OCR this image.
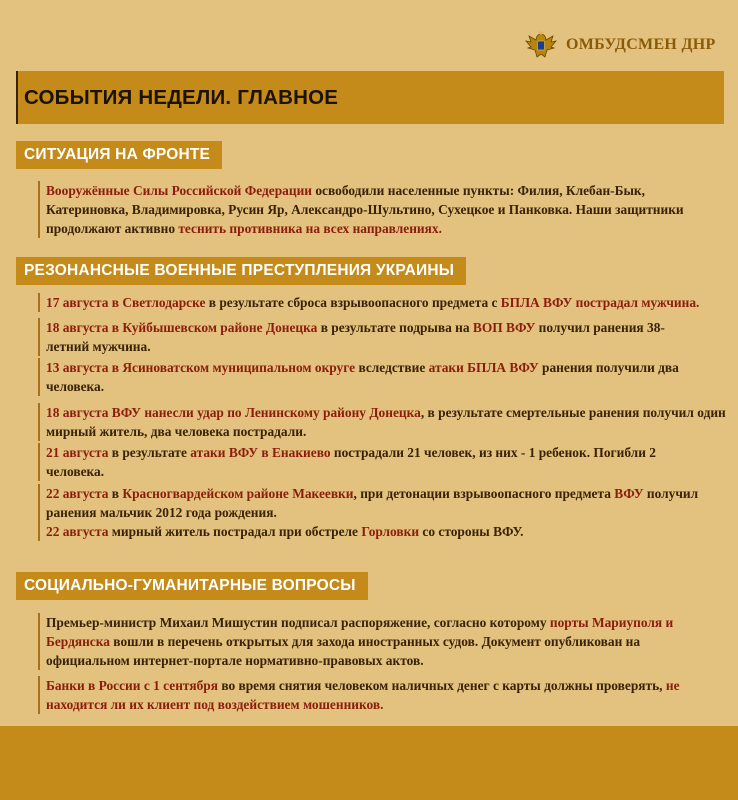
ОМБУДСМЕН ДНР
СОБЫТИЯ НЕДЕЛИ. ГЛАВНОЕ
СИТУАЦИЯ НА ФРОНТЕ
Вооружённые Силы Российской Федерации освободили населенные пункты: Филия, Клебан-Бык, Катериновка, Владимировка, Русин Яр, Александро-Шультино, Сухецкое и Панковка. Наши защитники продолжают активно теснить противника на всех направлениях.
РЕЗОНАНСНЫЕ ВОЕННЫЕ ПРЕСТУПЛЕНИЯ УКРАИНЫ
17 августа в Светлодарске в результате сброса взрывоопасного предмета с БПЛА ВФУ пострадал мужчина.
18 августа в Куйбышевском районе Донецка в результате подрыва на ВОП ВФУ получил ранения 38-летний мужчина.
13 августа в Ясиноватском муниципальном округе вследствие атаки БПЛА ВФУ ранения получили два человека.
18 августа ВФУ нанесли удар по Ленинскому району Донецка, в результате смертельные ранения получил один мирный житель, два человека пострадали.
21 августа в результате атаки ВФУ в Енакиево пострадали 21 человек, из них - 1 ребенок. Погибли 2 человека.
22 августа в Красногвардейском районе Макеевки, при детонации взрывоопасного предмета ВФУ получил ранения мальчик 2012 года рождения.
22 августа мирный житель пострадал при обстреле Горловки со стороны ВФУ.
СОЦИАЛЬНО-ГУМАНИТАРНЫЕ ВОПРОСЫ
Премьер-министр Михаил Мишустин подписал распоряжение, согласно которому порты Мариуполя и Бердянска вошли в перечень открытых для захода иностранных судов. Документ опубликован на официальном интернет-портале нормативно-правовых актов.
Банки в России с 1 сентября во время снятия человеком наличных денег с карты должны проверять, не находится ли их клиент под воздействием мошенников.
